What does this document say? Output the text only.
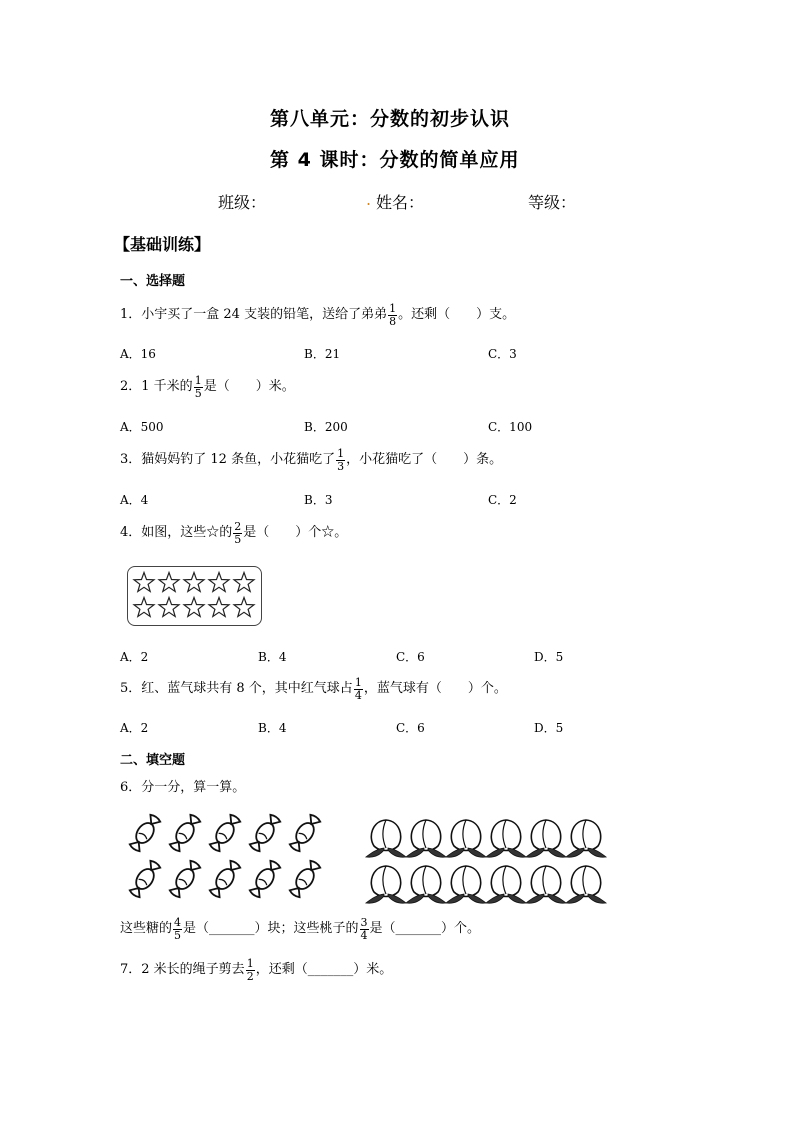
第八单元：分数的初步认识
第 4 课时：分数的简单应用
班级：	. 姓名：	等级：
【基础训练】
一、选择题
1．小宇买了一盒 24 支装的铅笔，送给了弟弟 $\frac{1}{8}$ 。还剩（　　）支。
A．16	B．21	C．3
2．1 千米的 $\frac{1}{5}$ 是（　　）米。
A．500	B．200	C．100
3．猫妈妈钓了 12 条鱼，小花猫吃了 $\frac{1}{3}$ ，小花猫吃了（　　）条。
A．4	B．3	C．2
4．如图，这些☆的 $\frac{2}{5}$ 是（　　）个☆。
A．2	B．4	C．6	D．5
5．红、蓝气球共有 8 个，其中红气球占 $\frac{1}{4}$ ，蓝气球有（　　）个。
A．2	B．4	C．6	D．5
二、填空题
6．分一分，算一算。
这些糖的 $\frac{4}{5}$ 是（_______）块；这些桃子的 $\frac{3}{4}$ 是（_______）个。
7．2 米长的绳子剪去 $\frac{1}{2}$ ，还剩（_______）米。
